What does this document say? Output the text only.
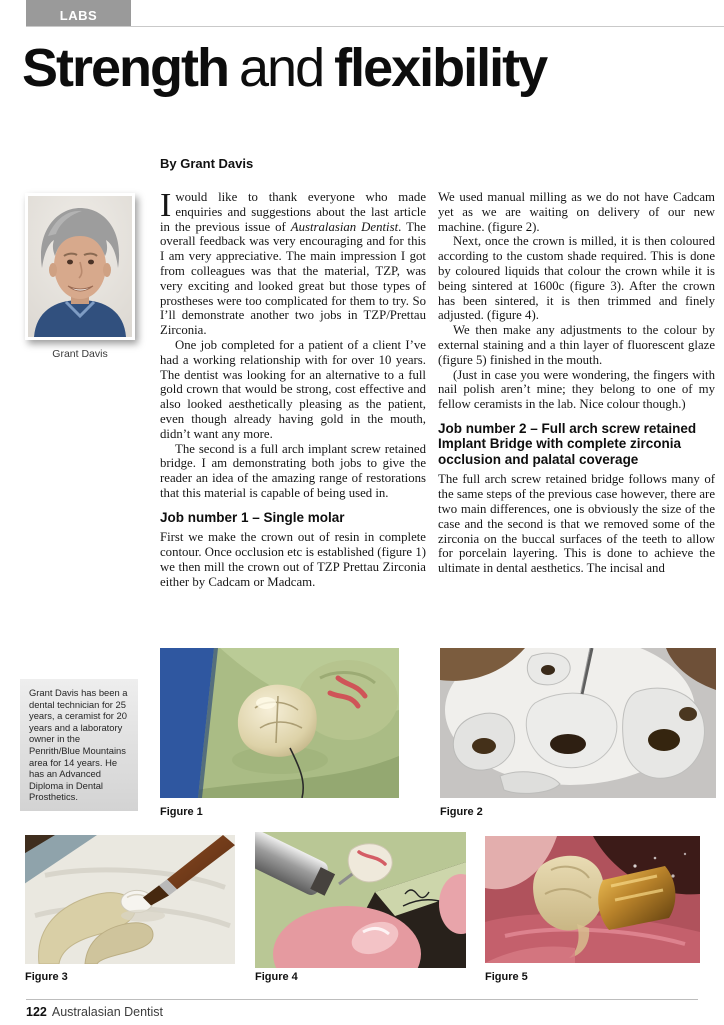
LABS
Strength and flexibility
By Grant Davis
Grant Davis
Grant Davis has been a dental technician for 25 years, a ceramist for 20 years and a laboratory owner in the Penrith/Blue Mountains area for 14 years. He has an Advanced Diploma in Dental Prosthetics.

Iwould like to thank everyone who made enquiries and suggestions about the last article in the previous issue of Australasian Dentist. The overall feedback was very encouraging and for this I am very appreciative. The main impression I got from colleagues was that the material, TZP, was very exciting and looked great but those types of prostheses were too complicated for them to try. So I’ll demonstrate another two jobs in TZP/Prettau Zirconia.

One job completed for a patient of a client I’ve had a working relationship with for over 10 years. The dentist was looking for an alternative to a full gold crown that would be strong, cost effective and also looked aesthetically pleasing as the patient, even though already having gold in the mouth, didn’t want any more.

The second is a full arch implant screw retained bridge. I am demonstrating both jobs to give the reader an idea of the amazing range of restorations that this material is capable of being used in.

Job number 1 – Single molar

First we make the crown out of resin in complete contour. Once occlusion etc is established (figure 1) we then mill the crown out of TZP Prettau Zirconia either by Cadcam or Madcam.

We used manual milling as we do not have Cadcam yet as we are waiting on delivery of our new machine. (figure 2).

Next, once the crown is milled, it is then coloured according to the custom shade required. This is done by coloured liquids that colour the crown while it is being sintered at 1600c (figure 3). After the crown has been sintered, it is then trimmed and finely adjusted. (figure 4).

We then make any adjustments to the colour by external staining and a thin layer of fluorescent glaze (figure 5) finished in the mouth.

(Just in case you were wondering, the fingers with nail polish aren’t mine; they belong to one of my fellow ceramists in the lab. Nice colour though.)

Job number 2 – Full arch screw retained Implant Bridge with complete zirconia occlusion and palatal coverage

The full arch screw retained bridge follows many of the same steps of the previous case however, there are two main differences, one is obviously the size of the case and the second is that we removed some of the zirconia on the buccal surfaces of the teeth to allow for porcelain layering. This is done to achieve the ultimate in dental aesthetics. The incisal and

Figure 1	Figure 2
Figure 3	Figure 4	Figure 5
122 Australasian Dentist
